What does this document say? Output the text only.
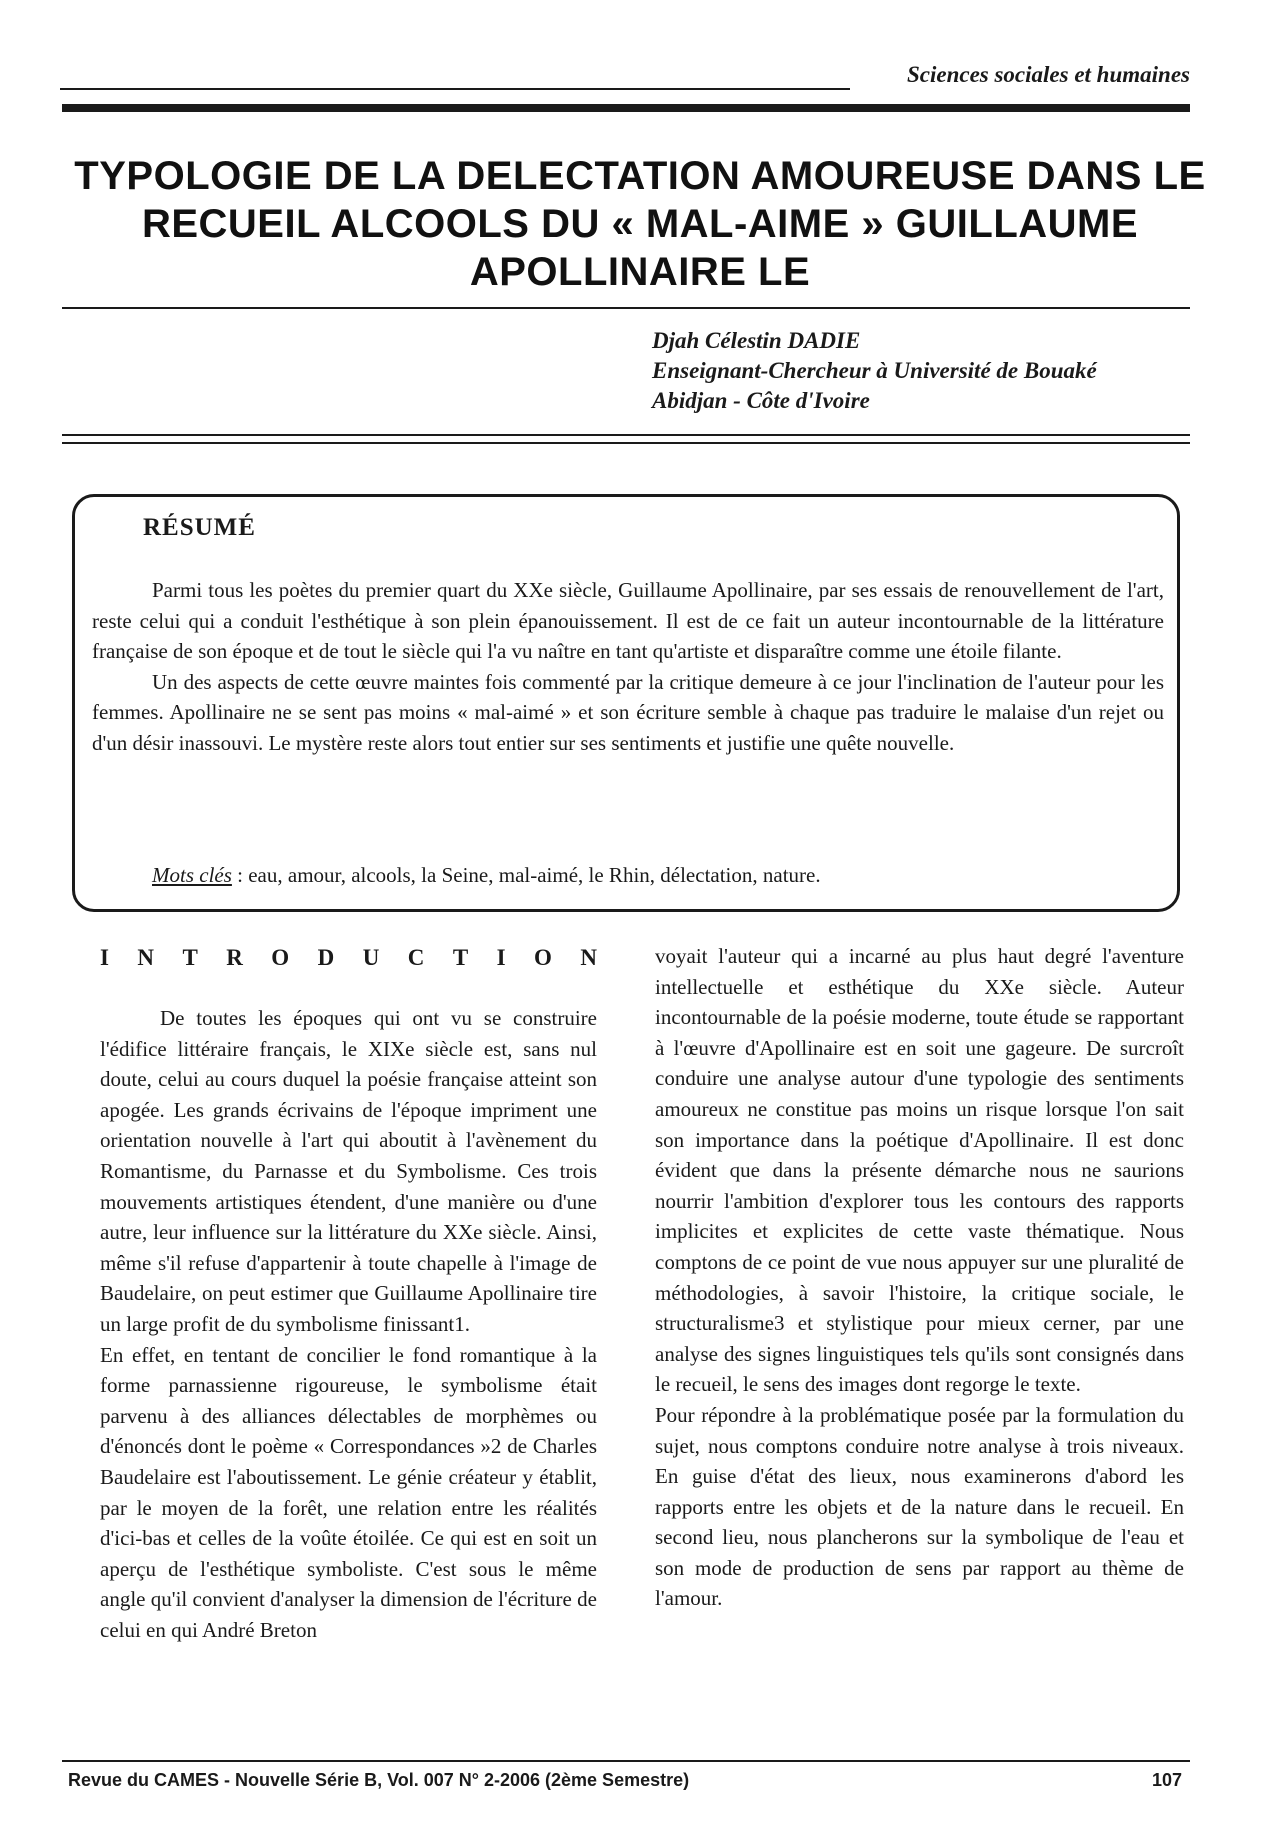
Sciences sociales et humaines
TYPOLOGIE DE LA DELECTATION AMOUREUSE DANS LE RECUEIL ALCOOLS DU « MAL-AIME » GUILLAUME APOLLINAIRE LE
Djah Célestin DADIE
Enseignant-Chercheur à Université de Bouaké
Abidjan - Côte d'Ivoire
RÉSUMÉ

Parmi tous les poètes du premier quart du XXe siècle, Guillaume Apollinaire, par ses essais de renouvellement de l'art, reste celui qui a conduit l'esthétique à son plein épanouissement. Il est de ce fait un auteur incontournable de la littérature française de son époque et de tout le siècle qui l'a vu naître en tant qu'artiste et disparaître comme une étoile filante.

Un des aspects de cette œuvre maintes fois commenté par la critique demeure à ce jour l'inclination de l'auteur pour les femmes. Apollinaire ne se sent pas moins « mal-aimé » et son écriture semble à chaque pas traduire le malaise d'un rejet ou d'un désir inassouvi. Le mystère reste alors tout entier sur ses sentiments et justifie une quête nouvelle.

Mots clés : eau, amour, alcools, la Seine, mal-aimé, le Rhin, délectation, nature.
I N T R O D U C T I O N

De toutes les époques qui ont vu se construire l'édifice littéraire français, le XIXe siècle est, sans nul doute, celui au cours duquel la poésie française atteint son apogée. Les grands écrivains de l'époque impriment une orientation nouvelle à l'art qui aboutit à l'avènement du Romantisme, du Parnasse et du Symbolisme. Ces trois mouvements artistiques étendent, d'une manière ou d'une autre, leur influence sur la littérature du XXe siècle. Ainsi, même s'il refuse d'appartenir à toute chapelle à l'image de Baudelaire, on peut estimer que Guillaume Apollinaire tire un large profit de du symbolisme finissant1.

En effet, en tentant de concilier le fond romantique à la forme parnassienne rigoureuse, le symbolisme était parvenu à des alliances délectables de morphèmes ou d'énoncés dont le poème « Correspondances »2 de Charles Baudelaire est l'aboutissement. Le génie créateur y établit, par le moyen de la forêt, une relation entre les réalités d'ici-bas et celles de la voûte étoilée. Ce qui est en soit un aperçu de l'esthétique symboliste. C'est sous le même angle qu'il convient d'analyser la dimension de l'écriture de celui en qui André Breton

voyait l'auteur qui a incarné au plus haut degré l'aventure intellectuelle et esthétique du XXe siècle. Auteur incontournable de la poésie moderne, toute étude se rapportant à l'œuvre d'Apollinaire est en soit une gageure. De surcroît conduire une analyse autour d'une typologie des sentiments amoureux ne constitue pas moins un risque lorsque l'on sait son importance dans la poétique d'Apollinaire. Il est donc évident que dans la présente démarche nous ne saurions nourrir l'ambition d'explorer tous les contours des rapports implicites et explicites de cette vaste thématique. Nous comptons de ce point de vue nous appuyer sur une pluralité de méthodologies, à savoir l'histoire, la critique sociale, le structuralisme3 et stylistique pour mieux cerner, par une analyse des signes linguistiques tels qu'ils sont consignés dans le recueil, le sens des images dont regorge le texte.

Pour répondre à la problématique posée par la formulation du sujet, nous comptons conduire notre analyse à trois niveaux. En guise d'état des lieux, nous examinerons d'abord les rapports entre les objets et de la nature dans le recueil. En second lieu, nous plancherons sur la symbolique de l'eau et son mode de production de sens par rapport au thème de l'amour.

Revue du CAMES - Nouvelle Série B, Vol. 007 N° 2-2006 (2ème Semestre)	107
